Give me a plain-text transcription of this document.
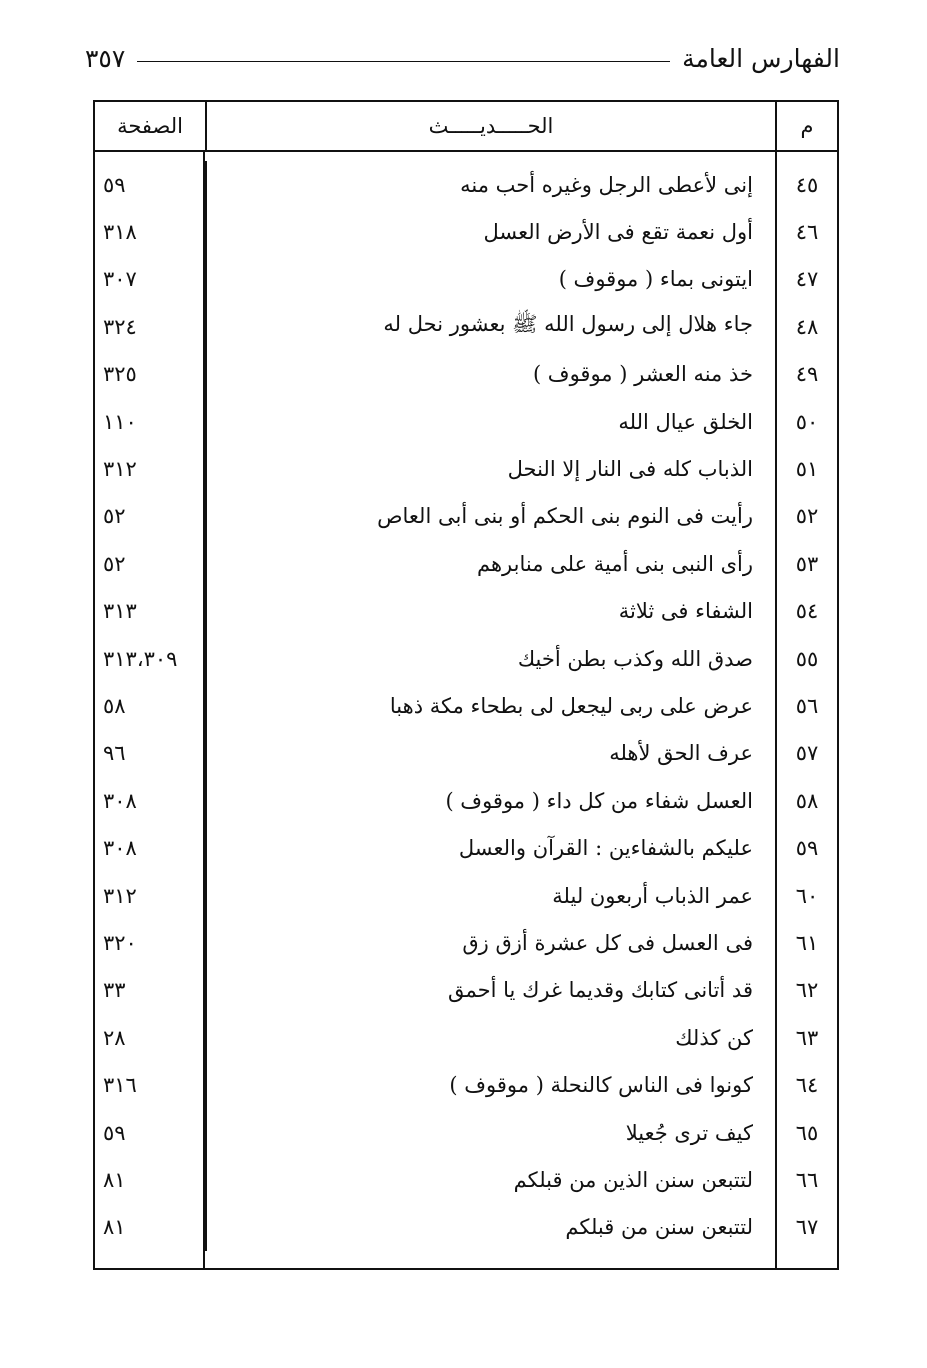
الفهارس العامة
٣٥٧
م
الحـــــديـــــث
الصفحة
٤٥
إنى لأعطى الرجل وغيره أحب منه
٥٩
٤٦
أول نعمة تقع فى الأرض العسل
٣١٨
٤٧
ايتونى بماء ( موقوف )
٣٠٧
٤٨
جاء هلال إلى رسول الله ﷺ بعشور نحل له
٣٢٤
٤٩
خذ منه العشر ( موقوف )
٣٢٥
٥٠
الخلق عيال الله
١١٠
٥١
الذباب كله فى النار إلا النحل
٣١٢
٥٢
رأيت فى النوم بنى الحكم أو بنى أبى العاص
٥٢
٥٣
رأى النبى بنى أمية على منابرهم
٥٢
٥٤
الشفاء فى ثلاثة
٣١٣
٥٥
صدق الله وكذب بطن أخيك
٣١٣،٣٠٩
٥٦
عرض على ربى ليجعل لى بطحاء مكة ذهبا
٥٨
٥٧
عرف الحق لأهله
٩٦
٥٨
العسل شفاء من كل داء ( موقوف )
٣٠٨
٥٩
عليكم بالشفاءين : القرآن والعسل
٣٠٨
٦٠
عمر الذباب أربعون ليلة
٣١٢
٦١
فى العسل فى كل عشرة أزق زق
٣٢٠
٦٢
قد أتانى كتابك وقديما غرك يا أحمق
٣٣
٦٣
كن كذلك
٢٨
٦٤
كونوا فى الناس كالنحلة ( موقوف )
٣١٦
٦٥
كيف ترى جُعيلا
٥٩
٦٦
لتتبعن سنن الذين من قبلكم
٨١
٦٧
لتتبعن سنن من قبلكم
٨١
